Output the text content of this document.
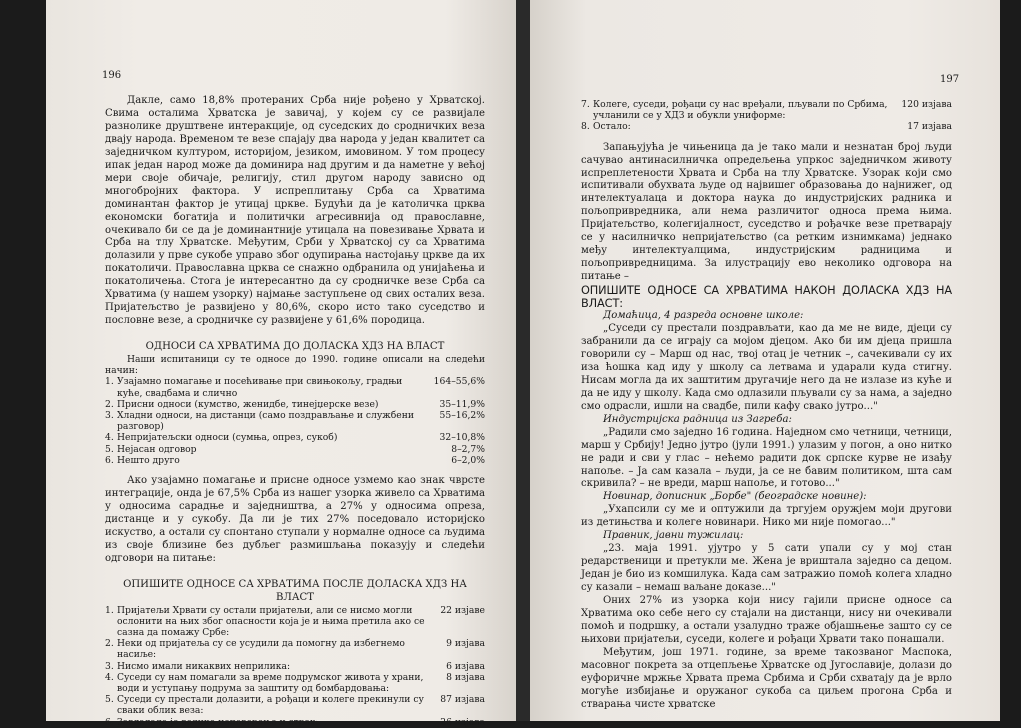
196

Дакле, само 18,8% протераних Срба није рођено у Хрватској. Свима осталима Хрватска је завичај, у којем су се развијале разнолике друштвене интеракције, од суседских до сродничких веза двају народа. Временом те везе спајају два народа у један квалитет са заједничком културом, историјом, језиком, имовином. У том процесу ипак један народ може да доминира над другим и да наметне у већој мери своје обичаје, религију, стил другом народу зависно од многобројних фактора. У испреплитању Срба са Хрватима доминантан фактор је утицај цркве. Будући да је католичка црква економски богатија и политички агресивнија од православне, очекивало би се да је доминантније утицала на повезивање Хрвата и Срба на тлу Хрватске. Међутим, Срби у Хрватској су са Хрватима долазили у прве сукобе управо због одупирања настојању цркве да их покатоличи. Православна црква се снажно одбранила од унијаћења и покатоличења. Стога је интересантно да су сродничке везе Срба са Хрватима (у нашем узорку) најмање заступљене од свих осталих веза. Пријатељство је развијено у 80,6%, скоро исто тако суседство и пословне везе, а сродничке су развијене у 61,6% породица.

ОДНОСИ СА ХРВАТИМА ДО ДОЛАСКА ХДЗ НА ВЛАСТ

Наши испитаници су те односе до 1990. године описали на следећи начин:

1. Узајамно помагање и посећивање при свињокољу, градњи куће, свадбама и слично
164–55,6%
2. Присни односи (кумство, женидбе, тинејџерске везе)	35–11,9%
3. Хладни односи, на дистанци (само поздрављање и службени разговор)
55–16,2%
4. Непријатељски односи (сумња, опрез, сукоб)	32–10,8%
5. Нејасан одговор	8–2,7%
6. Нешто друго	6–2,0%

Ако узајамно помагање и присне односе узмемо као знак чврсте интеграције, онда је 67,5% Срба из нашег узорка живело са Хрватима у односима сарадње и заједништва, а 27% у односима опреза, дистанце и у сукобу. Да ли је тих 27% поседовало историјско искуство, а остали су спонтано ступали у нормалне односе са људима из своје близине без дубљег размишљања показују и следећи одговори на питање:

ОПИШИТЕ ОДНОСЕ СА ХРВАТИМА ПОСЛЕ ДОЛАСКА ХДЗ НА ВЛАСТ

1. Пријатељи Хрвати су остали пријатељи, али се нисмо могли ослонити на њих због опасности која је и њима претила ако се сазна да помажу Србе:
22 изјаве
2. Неки од пријатеља су се усудили да помогну да избегнемо насиље:
9 изјава
3. Нисмо имали никаквих неприлика:	6 изјава
4. Суседи су нам помагали за време подрумског живота у храни, води и уступању подрума за заштиту од бомбардовања:
8 изјава
5. Суседи су престали долазити, а рођаци и колеге прекинули су сваки облик веза:
87 изјава
6. Завладало је велико неповерење и страх:	26 изјава
197
7. Колеге, суседи, рођаци су нас вређали, пљували по Србима, учланили се у ХДЗ и обукли униформе:
120 изјава
8. Остало:	17 изјава

Запањујућа је чињеница да је тако мали и незнатан број људи сачувао антинасилничка опредељења упркос заједничком животу испреплетености Хрвата и Срба на тлу Хрватске. Узорак који смо испитивали обухвата људе од највишег образовања до најнижег, од интелектуалаца и доктора наука до индустријских радника и пољопривредника, али нема различитог односа према њима. Пријатељство, колегијалност, суседство и рођачке везе претварају се у насилничко непријатељство (са ретким изнимкама) једнако међу интелектуалцима, индустријским радницима и пољопривредницима. За илустрацију ево неколико одговора на питање –

ОПИШИТЕ ОДНОСЕ СА ХРВАТИМА НАКОН ДОЛАСКА ХДЗ НА ВЛАСТ:

Домаћица, 4 разреда основне школе:

„Суседи су престали поздрављати, као да ме не виде, дјеци су забранили да се играју са мојом дјецом. Ако би им дјеца пришла говорили су – Марш од нас, твој отац је четник –, сачекивали су их иза ћошка кад иду у школу са летвама и ударали куда стигну. Нисам могла да их заштитим другачије него да не излазе из куће и да не иду у школу. Када смо одлазили пљували су за нама, а заједно смо одрасли, ишли на свадбе, пили кафу свако јутро..."

Индустријска радница из Загреба:

„Радили смо заједно 16 година. Наједном смо четници, четници, марш у Србију! Једно јутро (јули 1991.) улазим у погон, а оно нитко не ради и сви у глас – нећемо радити док српске курве не изађу напоље. – Ја сам казала – људи, ја се не бавим политиком, шта сам скривила? – не вреди, марш напоље, и готово..."

Новинар, дописник „Борбе" (београдске новине):

„Ухапсили су ме и оптужили да тргујем оружјем моји другови из детињства и колеге новинари. Нико ми није помогао..."

Правник, јавни тужилац:

„23. маја 1991. ујутро у 5 сати упали су у мој стан редарственици и претукли ме. Жена је вриштала заједно са децом. Један је био из комшилука. Када сам затражио помоћ колега хладно су казали – немаш ваљане доказе..."

Оних 27% из узорка који нису гајили присне односе са Хрватима око себе него су стајали на дистанци, нису ни очекивали помоћ и подршку, а остали узалудно траже објашњење зашто су се њихови пријатељи, суседи, колеге и рођаци Хрвати тако понашали.

Међутим, још 1971. године, за време такозваног Маспока, масовног покрета за отцепљење Хрватске од Југославије, долази до еуфоричне мржње Хрвата према Србима и Срби схватају да је врло могуће избијање и оружаног сукоба са циљем прогона Срба и стварања чисте хрватске
